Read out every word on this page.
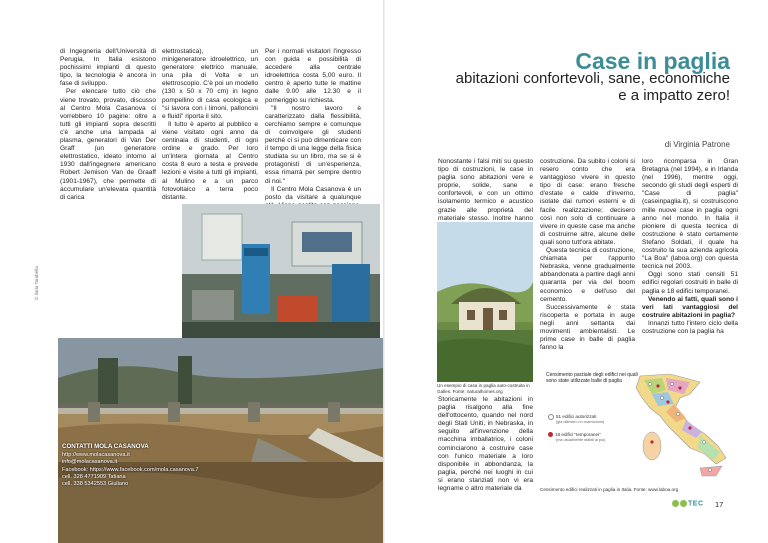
di Ingegneria dell'Università di Perugia. In Italia esistono pochissimi impianti di questo tipo, la tecnologia è ancora in fase di sviluppo.

Per elencare tutto ciò che viene trovato, provato, discusso al Centro Mola Casanova ci vorrebbero 10 pagine: oltre a tutti gli impianti sopra descritti c'è anche una lampada al plasma, generatori di Van Der Graff (un generatore elettrostatico, ideato intorno al 1930 dall'ingegnere americano Robert Jemison Van de Graaff (1901-1967), che permette di accumulare un'elevata quantità di carica

elettrostatica), un minigeneratore idroelettrico, un generatore elettrico manuale, una pila di Volta e un elettroscopio. C'è poi un modello (130 x 50 x 70 cm) in legno pompellino di casa ecologica e "si lavora con i limoni, palloncini e fluidi" riporta il sito.

Il tutto è aperto al pubblico e viene visitato ogni anno da centinaia di studenti, di ogni ordine e grado. Per loro un'intera giornata al Centro costa 8 euro a testa e prevede lezioni e visite a tutti gli impianti, al Mulino e a un parco fotovoltaico a terra poco distante.

Per i normali visitatori l'ingresso con guida e possibilità di accedere alla centrale idroelettrica costa 5,00 euro. Il centro è aperto tutte le mattine dalle 9.00 alle 12.30 e il pomeriggio su richiesta.

"Il nostro lavoro è caratterizzato dalla flessibilità, cerchiamo sempre e comunque di coinvolgere gli studenti perché ci si può dimenticare con il tempo di una legge della fisica studiata su un libro, ma se si è protagonisti di un'esperienza, essa rimarrà per sempre dentro di noi."

Il Centro Mola Casanova è un posto da visitare a qualunque

© Ilaria Tarabella
CONTATTI MOLA CASANOVA
http://www.molacasanova.it
info@molacasanova.it
Facebook: https://www.facebook.com/mola.casanova.7
cell. 328 4771909 Tatiana
cell. 338 5342553 Giuliano
Case in paglia
abitazioni confortevoli, sane, economiche
e a impatto zero!
di Virginia Patrone

Nonostante i falsi miti su questo tipo di costruzioni, le case in paglia sono abitazioni vere e proprie, solide, sane e confortevoli, e con un ottimo isolamento termico e acustico grazie alle proprietà del materiale stesso. Inoltre hanno

Un esempio di casa in paglia auto-costruita in Galles. Fonte: naturalhomes.org

Storicamente le abitazioni in paglia risalgono alla fine dell'ottocento, quando nel nord degli Stati Uniti, in Nebraska, in seguito all'invenzione della macchina imballatrice, i coloni cominciarono a costruire case con l'unico materiale a loro disponibile in abbondanza, la paglia, perché nei luoghi in cui si erano stanziati non vi era legname o altro materiale da

costruzione. Da subito i coloni si resero conto che era vantaggioso vivere in questo tipo di case: erano fresche d'estate e calde d'inverno, isolate dai rumori esterni e di facile realizzazione; decisero così non solo di continuare a vivere in queste case ma anche di costruirne altre, alcune delle quali sono tutt'ora abitate.

Questa tecnica di costruzione, chiamata per l'appunto Nebraska, venne gradualmente abbandonata a partire dagli anni quaranta per via del boom economico e dell'uso del cemento.

Successivamente è stata riscoperta e portata in auge negli anni settanta dai movimenti ambientalisti. Le prime case in balle di paglia fanno la

loro ricomparsa in Gran Bretagna (nel 1994), e in Irlanda (nel 1996), mentre oggi, secondo gli studi degli esperti di "Case di paglia" (caseinpaglia.it), si costruiscono mille nuove case in paglia ogni anno nel mondo. In Italia il pioniere di questa tecnica di costruzione è stato certamente Stefano Soldati, il quale ha costruito la sua azienda agricola "La Boa" (laboa.org) con questa tecnica nel 2003.

Oggi sono stati censiti 51 edifici regolari costruiti in balle di paglia e 18 edifici temporanei.

Venendo ai fatti, quali sono i veri lati vantaggiosi del costruire abitazioni in paglia?

Innanzi tutto l'intero ciclo della costruzione con la paglia ha

Censimento parziale degli edifici nei quali sono state utilizzate balle di paglia
51 edifici autorizzati
(già ultimati o in costruzione)
18 edifici "temporanei"
(ma usualmente stabili ai più)
Censimento edifici realizzati in paglia in Italia. Fonte: www.laboa.org
TEC 17
